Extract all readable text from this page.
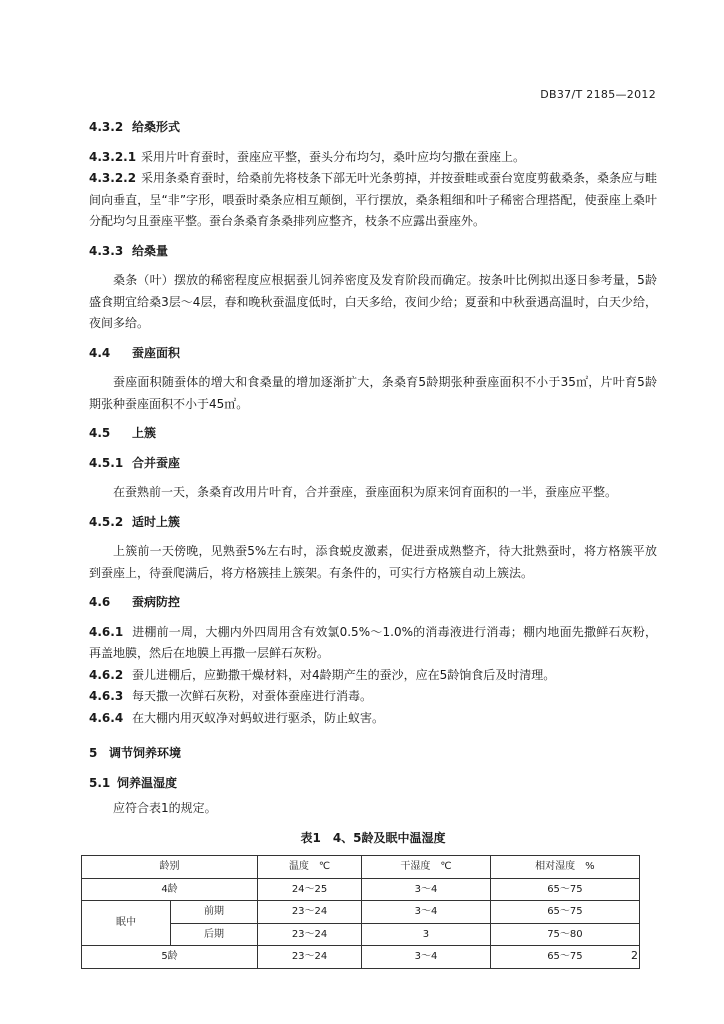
DB37/T 2185—2012
4.3.2 给桑形式

4.3.2.1 采用片叶育蚕时，蚕座应平整，蚕头分布均匀，桑叶应均匀撒在蚕座上。

4.3.2.2 采用条桑育蚕时，给桑前先将枝条下部无叶光条剪掉，并按蚕畦或蚕台宽度剪截桑条，桑条应与畦间向垂直，呈“非”字形，喂蚕时桑条应相互颠倒，平行摆放，桑条粗细和叶子稀密合理搭配，使蚕座上桑叶分配均匀且蚕座平整。蚕台条桑育条桑排列应整齐，枝条不应露出蚕座外。

4.3.3 给桑量

桑条（叶）摆放的稀密程度应根据蚕儿饲养密度及发育阶段而确定。按条叶比例拟出逐日参考量，5龄盛食期宜给桑3层～4层，春和晚秋蚕温度低时，白天多给，夜间少给；夏蚕和中秋蚕遇高温时，白天少给，夜间多给。

4.4 蚕座面积

蚕座面积随蚕体的增大和食桑量的增加逐渐扩大，条桑育5龄期张种蚕座面积不小于35㎡，片叶育5龄期张种蚕座面积不小于45㎡。

4.5 上簇
4.5.1 合并蚕座

在蚕熟前一天，条桑育改用片叶育，合并蚕座，蚕座面积为原来饲育面积的一半，蚕座应平整。

4.5.2 适时上簇

上簇前一天傍晚，见熟蚕5%左右时，添食蜕皮激素，促进蚕成熟整齐，待大批熟蚕时，将方格簇平放到蚕座上，待蚕爬满后，将方格簇挂上簇架。有条件的，可实行方格簇自动上簇法。

4.6 蚕病防控

4.6.1 进棚前一周，大棚内外四周用含有效氯0.5%～1.0%的消毒液进行消毒；棚内地面先撒鲜石灰粉，再盖地膜，然后在地膜上再撒一层鲜石灰粉。

4.6.2 蚕儿进棚后，应勤撒干燥材料，对4龄期产生的蚕沙，应在5龄饷食后及时清理。

4.6.3 每天撒一次鲜石灰粉，对蚕体蚕座进行消毒。

4.6.4 在大棚内用灭蚁净对蚂蚁进行驱杀，防止蚁害。

5 调节饲养环境
5.1 饲养温湿度

应符合表1的规定。

表1　4、5龄及眠中温湿度
龄别		温度　℃	干湿度　℃	相对湿度　%
4龄		24～25	3～4	65～75
眠中	前期	23～24	3～4	65～75
	后期	23～24	3	75～80
5龄		23～24	3～4	65～75	2
